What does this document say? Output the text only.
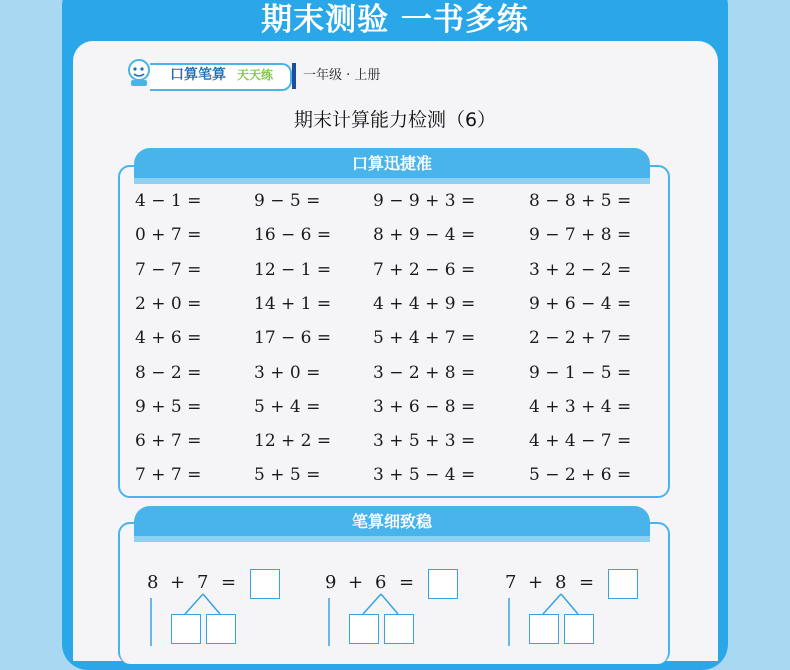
期末测验 一书多练
口算笔算 天天练 一年级 · 上册
期末计算能力检测（6）
口算迅捷准
4 − 1 =
0 + 7 =
7 − 7 =
2 + 0 =
4 + 6 =
8 − 2 =
9 + 5 =
6 + 7 =
7 + 7 =
9 − 5 =
16 − 6 =
12 − 1 =
14 + 1 =
17 − 6 =
3 + 0 =
5 + 4 =
12 + 2 =
5 + 5 =
9 − 9 + 3 =
8 + 9 − 4 =
7 + 2 − 6 =
4 + 4 + 9 =
5 + 4 + 7 =
3 − 2 + 8 =
3 + 6 − 8 =
3 + 5 + 3 =
3 + 5 − 4 =
8 − 8 + 5 =
9 − 7 + 8 =
3 + 2 − 2 =
9 + 6 − 4 =
2 − 2 + 7 =
9 − 1 − 5 =
4 + 3 + 4 =
4 + 4 − 7 =
5 − 2 + 6 =
笔算细致稳
8 + 7 =	9 + 6 =	7 + 8 =
